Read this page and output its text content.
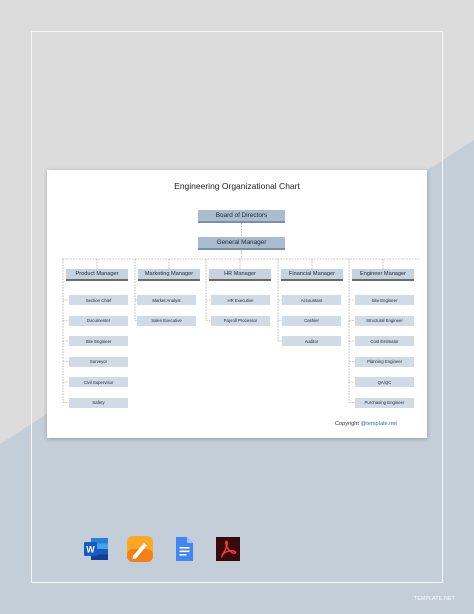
Engineering Organizational Chart
Board of Directors
General Manager
Product Manager
Section Chief
Documenter
Site Engineer
Surveyor
Civil Supervisor
Safety
Marketing Manager
Market Analyst
Sales Executive
HR Manager
HR Executive
Payroll Processor
Financial Manager
Accountant
Cashier
Auditor
Engineer Manager
Site Engineer
Structural Engineer
Cost Estimator
Planning Engineer
QA/QC
Purchasing Engineer
Copyright @template.net
W
TEMPLATE.NET
